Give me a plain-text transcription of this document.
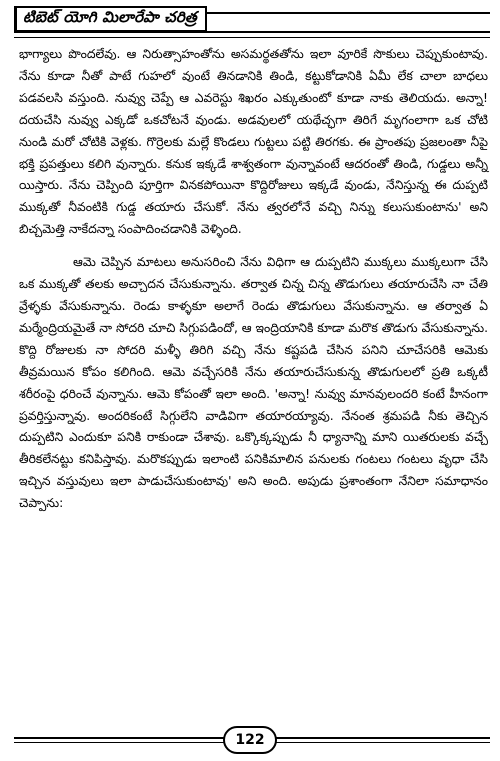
టిబెట్ యోగి మిలారేపా చరిత్ర

భాగ్యాలు పొందలేవు. ఆ నిరుత్సాహంతోను అసమర్థతతోను ఇలా వూరికే సొకులు చెప్పుకుంటావు. నేను కూడా నీతో పాటే గుహలో వుంటే తినడానికి తిండి, కట్టుకోడానికి ఏమీ లేక చాలా బాధలు పడవలసి వస్తుంది. నువ్వు చెప్పే ఆ ఎవరెస్టు శిఖరం ఎక్కుతుంటో కూడా నాకు తెలియదు. అన్నా! దయచేసి నువ్వు ఎక్కడో ఒకచోటనే వుండు. అడవులలో యథేచ్ఛగా తిరిగే మృగంలాగా ఒక చోటి నుండి మరో చోటికి వెళ్లకు. గొర్రెలకు మల్లే కొండలు గుట్టలు పట్టి తిరగకు. ఈ ప్రాంతపు ప్రజలంతా నీపై భక్తి ప్రపత్తులు కలిగి వున్నారు. కనుక ఇక్కడే శాశ్వతంగా వున్నావంటే ఆదరంతో తిండి, గుడ్డలు అన్నీ యిస్తారు. నేను చెప్పింది పూర్తిగా వినకపోయినా కొద్దిరోజులు ఇక్కడే వుండు, నేనిస్తున్న ఈ దుప్పటి ముక్కతో నీవంటికి గుడ్డ తయారు చేసుకో. నేను త్వరలోనే వచ్చి నిన్ను కలుసుకుంటాను' అని బిచ్చమెత్తి నాకేదన్నా సంపాదించడానికి వెళ్ళింది.

ఆమె చెప్పిన మాటలు అనుసరించి నేను విధిగా ఆ దుప్పటిని ముక్కలు ముక్కలుగా చేసి ఒక ముక్కతో తలకు అచ్చాదన చేసుకున్నాను. తర్వాత చిన్న చిన్న తొడుగులు తయారుచేసి నా చేతి వ్రేళ్ళకు వేసుకున్నాను. రెండు కాళ్ళకూ అలాగే రెండు తొడుగులు వేసుకున్నాను. ఆ తర్వాత ఏ మర్మేంద్రియమైతే నా సోదరి చూచి సిగ్గుపడిందో, ఆ ఇంద్రియానికి కూడా మరొక తొడుగు వేసుకున్నాను. కొద్ది రోజులకు నా సోదరి మళ్ళీ తిరిగి వచ్చి నేను కష్టపడి చేసిన పనిని చూచేసరికి ఆమెకు తీవ్రమయిన కోపం కలిగింది. ఆమె వచ్చేసరికి నేను తయారుచేసుకున్న తొడుగులలో ప్రతి ఒక్కటీ శరీరంపై ధరించే వున్నాను. ఆమె కోపంతో ఇలా అంది. 'అన్నా! నువ్వు మానవులందరి కంటే హీనంగా ప్రవర్తిస్తున్నావు. అందరికంటే సిగ్గులేని వాడివిగా తయారయ్యావు. నేనంత శ్రమపడి నీకు తెచ్చిన దుప్పటిని ఎందుకూ పనికి రాకుండా చేశావు. ఒక్కొక్కప్పుడు నీ ధ్యానాన్ని మాని యితరులకు వచ్చే తీరికలేనట్టు కనిపిస్తావు. మరొకప్పుడు ఇలాంటి పనికిమాలిన పనులకు గంటలు గంటలు వృధా చేసి ఇచ్చిన వస్తువులు ఇలా పాడుచేసుకుంటావు' అని అంది. అపుడు ప్రశాంతంగా నేనిలా సమాధానం చెప్పాను:

122
